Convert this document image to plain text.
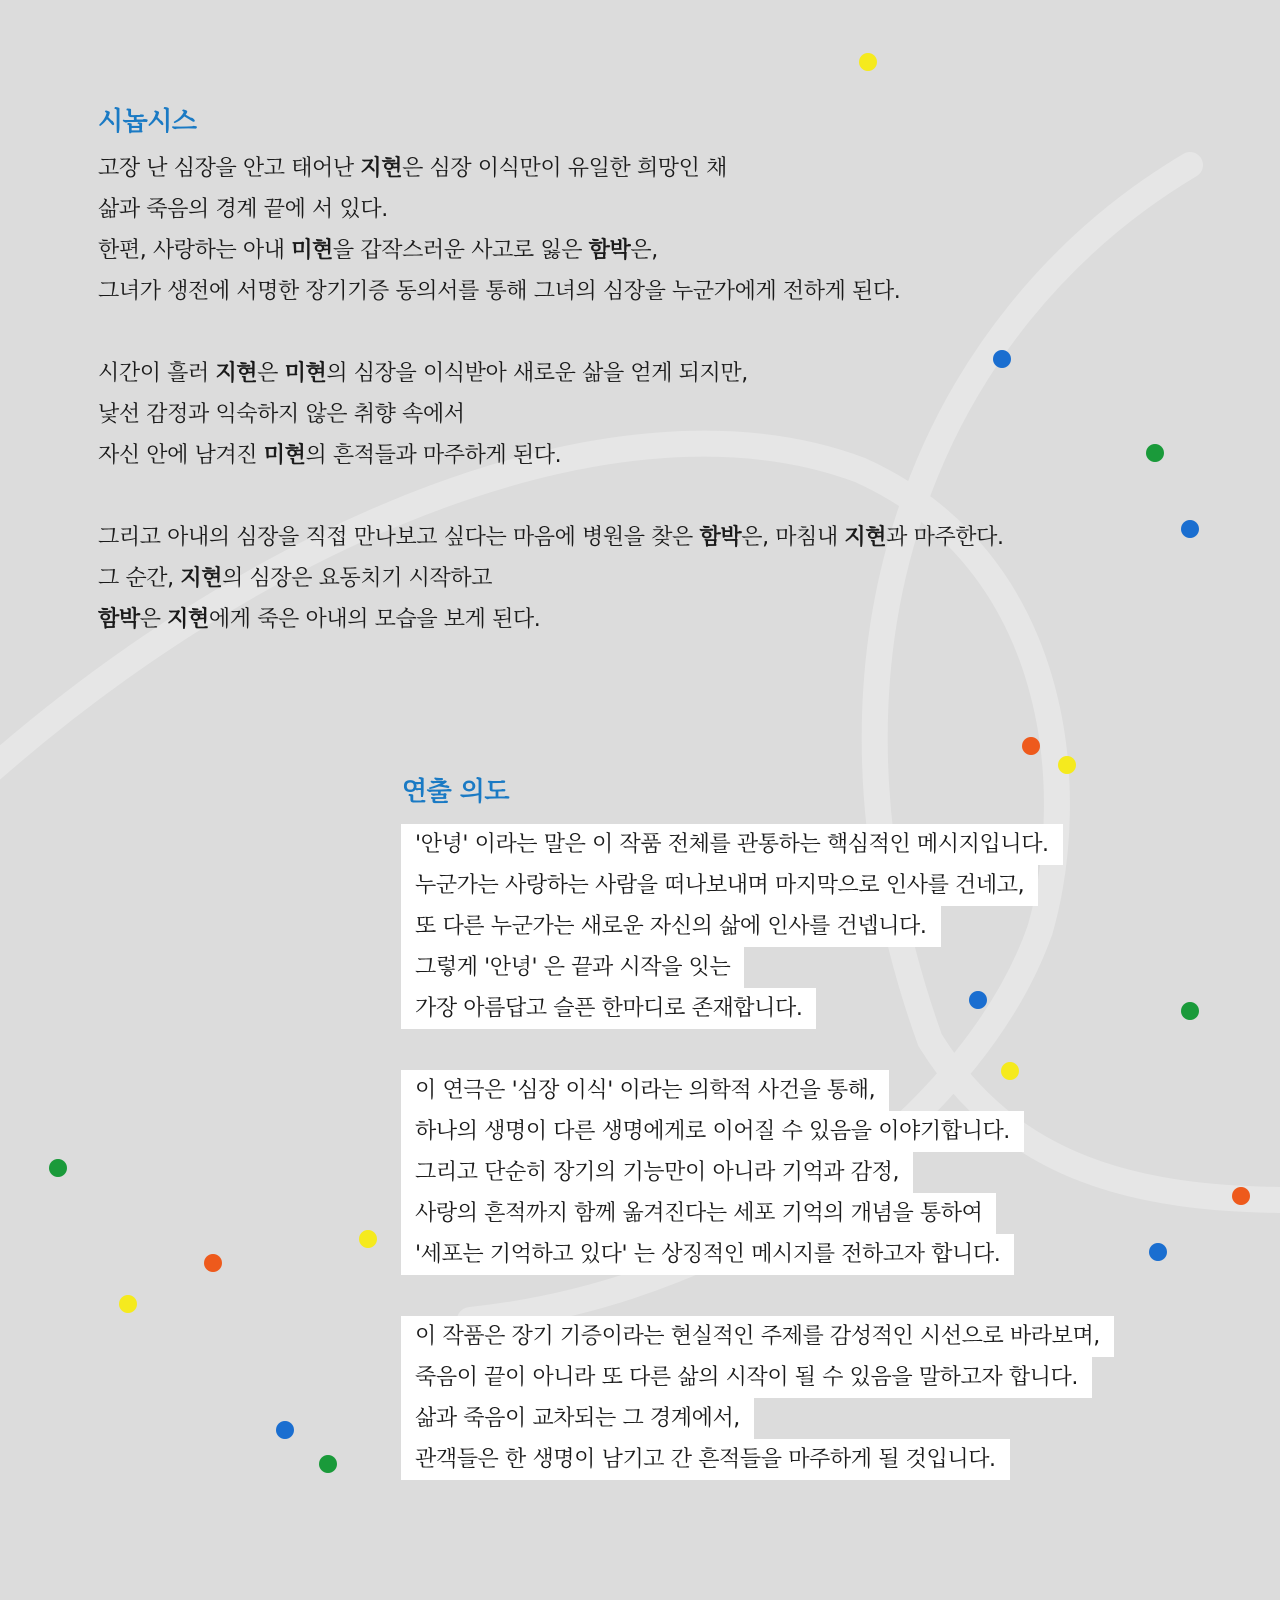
시놉시스
고장 난 심장을 안고 태어난 지현은 심장 이식만이 유일한 희망인 채
삶과 죽음의 경계 끝에 서 있다.
한편, 사랑하는 아내 미현을 갑작스러운 사고로 잃은 함박은,
그녀가 생전에 서명한 장기기증 동의서를 통해 그녀의 심장을 누군가에게 전하게 된다.
시간이 흘러 지현은 미현의 심장을 이식받아 새로운 삶을 얻게 되지만,
낯선 감정과 익숙하지 않은 취향 속에서
자신 안에 남겨진 미현의 흔적들과 마주하게 된다.
그리고 아내의 심장을 직접 만나보고 싶다는 마음에 병원을 찾은 함박은, 마침내 지현과 마주한다.
그 순간, 지현의 심장은 요동치기 시작하고
함박은 지현에게 죽은 아내의 모습을 보게 된다.
연출 의도
'안녕' 이라는 말은 이 작품 전체를 관통하는 핵심적인 메시지입니다.
누군가는 사랑하는 사람을 떠나보내며 마지막으로 인사를 건네고,
또 다른 누군가는 새로운 자신의 삶에 인사를 건넵니다.
그렇게 '안녕' 은 끝과 시작을 잇는
가장 아름답고 슬픈 한마디로 존재합니다.
이 연극은 '심장 이식' 이라는 의학적 사건을 통해,
하나의 생명이 다른 생명에게로 이어질 수 있음을 이야기합니다.
그리고 단순히 장기의 기능만이 아니라 기억과 감정,
사랑의 흔적까지 함께 옮겨진다는 세포 기억의 개념을 통하여
'세포는 기억하고 있다' 는 상징적인 메시지를 전하고자 합니다.
이 작품은 장기 기증이라는 현실적인 주제를 감성적인 시선으로 바라보며,
죽음이 끝이 아니라 또 다른 삶의 시작이 될 수 있음을 말하고자 합니다.
삶과 죽음이 교차되는 그 경계에서,
관객들은 한 생명이 남기고 간 흔적들을 마주하게 될 것입니다.
